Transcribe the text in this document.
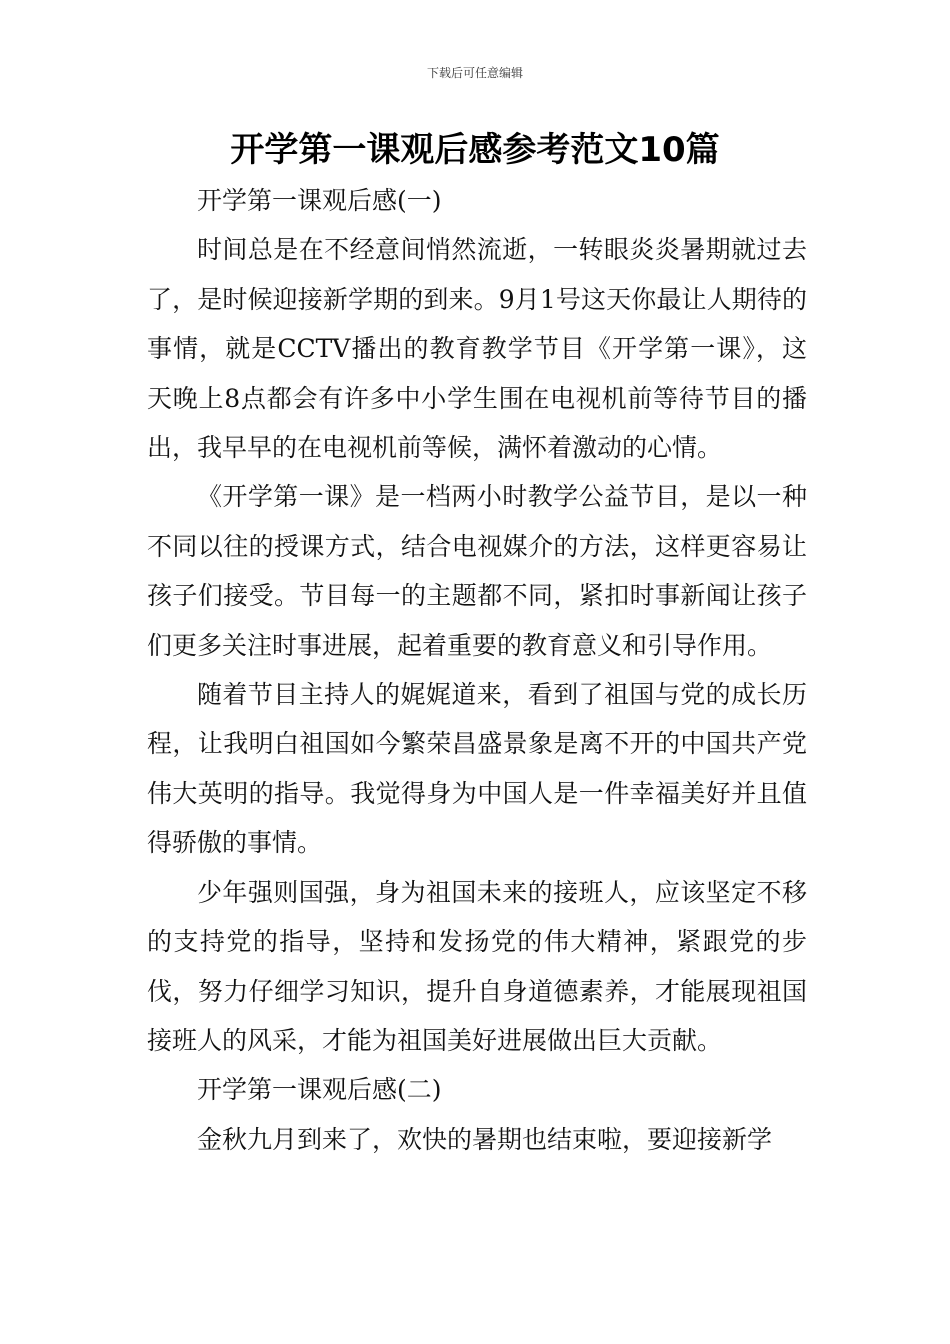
下载后可任意编辑
开学第一课观后感参考范文10篇

开学第一课观后感(一)

时间总是在不经意间悄然流逝，一转眼炎炎暑期就过去了，是时候迎接新学期的到来。9月1号这天你最让人期待的事情，就是CCTV播出的教育教学节目《开学第一课》，这天晚上8点都会有许多中小学生围在电视机前等待节目的播出，我早早的在电视机前等候，满怀着激动的心情。

《开学第一课》是一档两小时教学公益节目，是以一种不同以往的授课方式，结合电视媒介的方法，这样更容易让孩子们接受。节目每一的主题都不同，紧扣时事新闻让孩子们更多关注时事进展，起着重要的教育意义和引导作用。

随着节目主持人的娓娓道来，看到了祖国与党的成长历程，让我明白祖国如今繁荣昌盛景象是离不开的中国共产党伟大英明的指导。我觉得身为中国人是一件幸福美好并且值得骄傲的事情。

少年强则国强，身为祖国未来的接班人，应该坚定不移的支持党的指导，坚持和发扬党的伟大精神，紧跟党的步伐，努力仔细学习知识，提升自身道德素养，才能展现祖国接班人的风采，才能为祖国美好进展做出巨大贡献。

开学第一课观后感(二)

金秋九月到来了，欢快的暑期也结束啦，要迎接新学
